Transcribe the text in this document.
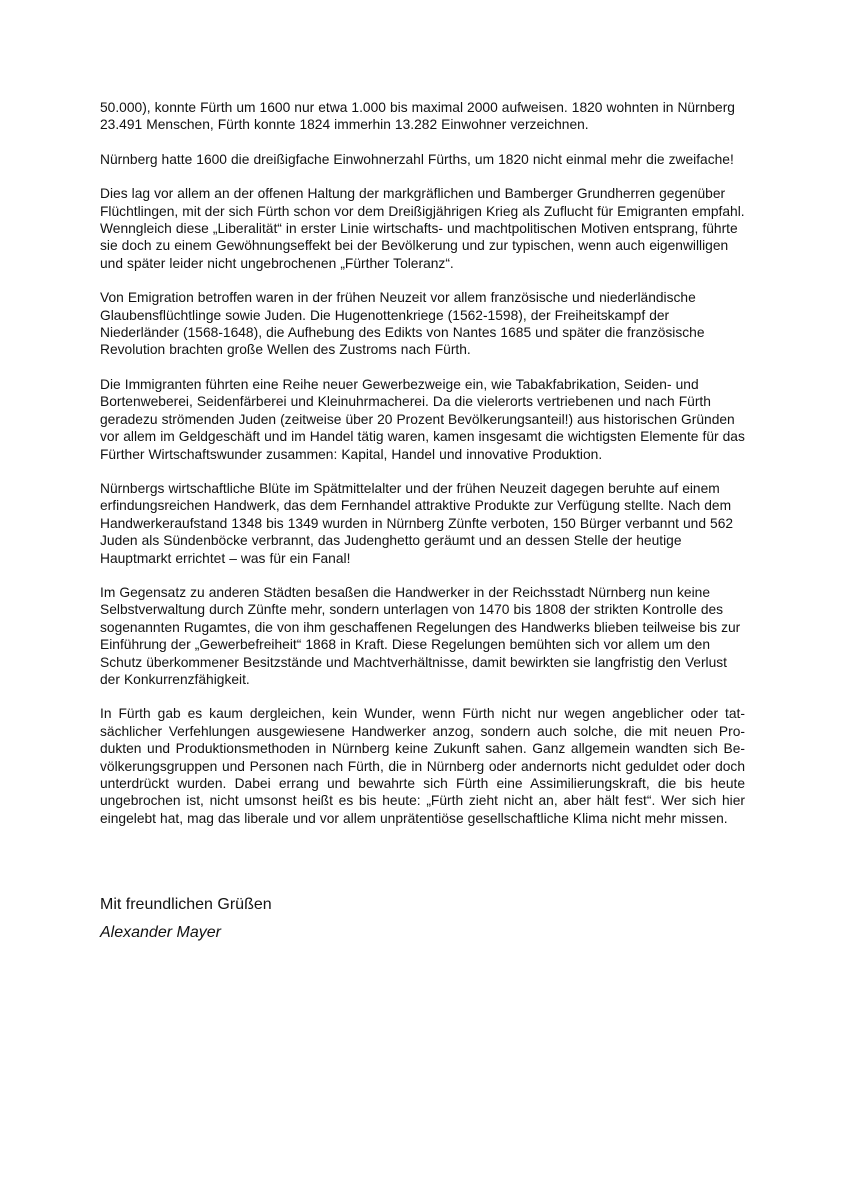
50.000), konnte Fürth um 1600 nur etwa 1.000 bis maximal 2000 aufweisen. 1820 wohnten in Nürnberg 23.491 Menschen, Fürth konnte 1824 immerhin 13.282 Einwohner verzeichnen.

Nürnberg hatte 1600 die dreißigfache Einwohnerzahl Fürths, um 1820 nicht einmal mehr die zweifache!

Dies lag vor allem an der offenen Haltung der markgräflichen und Bamberger Grundherren gegenüber Flüchtlingen, mit der sich Fürth schon vor dem Dreißigjährigen Krieg als Zuflucht für Emigranten empfahl. Wenngleich diese „Liberalität“ in erster Linie wirtschafts- und machtpolitischen Motiven entsprang, führte sie doch zu einem Gewöhnungseffekt bei der Bevölkerung und zur typischen, wenn auch eigenwilligen und später leider nicht ungebrochenen „Fürther Toleranz“.

Von Emigration betroffen waren in der frühen Neuzeit vor allem französische und niederländische Glaubensflüchtlinge sowie Juden. Die Hugenottenkriege (1562-1598), der Freiheitskampf der Niederländer (1568-1648), die Aufhebung des Edikts von Nantes 1685 und später die französische Revolution brachten große Wellen des Zustroms nach Fürth.

Die Immigranten führten eine Reihe neuer Gewerbezweige ein, wie Tabakfabrikation, Seiden- und Bortenweberei, Seidenfärberei und Kleinuhrmacherei. Da die vielerorts vertriebenen und nach Fürth geradezu strömenden Juden (zeitweise über 20 Prozent Bevölkerungsanteil!) aus historischen Gründen vor allem im Geldgeschäft und im Handel tätig waren, kamen insgesamt die wichtigsten Elemente für das Fürther Wirtschaftswunder zusammen: Kapital, Handel und innovative Produktion.

Nürnbergs wirtschaftliche Blüte im Spätmittelalter und der frühen Neuzeit dagegen beruhte auf einem erfindungsreichen Handwerk, das dem Fernhandel attraktive Produkte zur Verfügung stellte. Nach dem Handwerkeraufstand 1348 bis 1349 wurden in Nürnberg Zünfte verboten, 150 Bürger verbannt und 562 Juden als Sündenböcke verbrannt, das Judenghetto geräumt und an dessen Stelle der heutige Hauptmarkt errichtet – was für ein Fanal!

Im Gegensatz zu anderen Städten besaßen die Handwerker in der Reichsstadt Nürnberg nun keine Selbstverwaltung durch Zünfte mehr, sondern unterlagen von 1470 bis 1808 der strikten Kontrolle des sogenannten Rugamtes, die von ihm geschaffenen Regelungen des Handwerks blieben teilweise bis zur Einführung der „Gewerbefreiheit“ 1868 in Kraft. Diese Regelungen bemühten sich vor allem um den Schutz überkommener Besitzstände und Machtverhältnisse, damit bewirkten sie langfristig den Verlust der Konkurrenzfähigkeit.

In Fürth gab es kaum dergleichen, kein Wunder, wenn Fürth nicht nur wegen angeblicher oder tatsächlicher Verfehlungen ausgewiesene Handwerker anzog, sondern auch solche, die mit neuen Produkten und Produktionsmethoden in Nürnberg keine Zukunft sahen. Ganz allgemein wandten sich Bevölkerungsgruppen und Personen nach Fürth, die in Nürnberg oder andernorts nicht geduldet oder doch unterdrückt wurden. Dabei errang und bewahrte sich Fürth eine Assimilierungskraft, die bis heute ungebrochen ist, nicht umsonst heißt es bis heute: „Fürth zieht nicht an, aber hält fest“. Wer sich hier eingelebt hat, mag das liberale und vor allem unprätentiöse gesellschaftliche Klima nicht mehr missen.

Mit freundlichen Grüßen

Alexander Mayer
